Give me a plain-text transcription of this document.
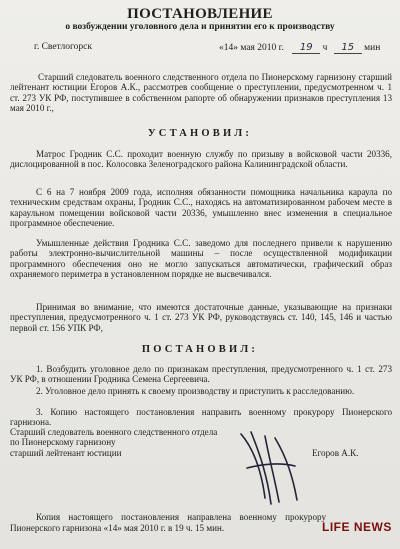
ПОСТАНОВЛЕНИЕ
о возбуждении уголовного дела и принятии его к производству
г. Светлогорск	«14» мая 2010 г. 19 ч 15 мин
Старший следователь военного следственного отдела по Пионерскому гарнизону старший лейтенант юстиции Егоров А.К., рассмотрев сообщение о преступлении, предусмотренном ч. 1 ст. 273 УК РФ, поступившее в собственном рапорте об обнаружении признаков преступления 13 мая 2010 г.,
УСТАНОВИЛ:
Матрос Гродник С.С. проходит военную службу по призыву в войсковой части 20336, дислоцированной в пос. Колосовка Зеленоградского района Калининградской области.
С 6 на 7 ноября 2009 года, исполняя обязанности помощника начальника караула по техническим средствам охраны, Гродник С.С., находясь на автоматизированном рабочем месте в караульном помещении войсковой части 20336, умышленно внес изменения в специальное программное обеспечение.
Умышленные действия Гродника С.С. заведомо для последнего привели к нарушению работы электронно-вычислительной машины – после осуществленной модификации программного обеспечения оно не могло запускаться автоматически, графический образ охраняемого периметра в установленном порядке не высвечивался.
Принимая во внимание, что имеются достаточные данные, указывающие на признаки преступления, предусмотренного ч. 1 ст. 273 УК РФ, руководствуясь ст. 140, 145, 146 и частью первой ст. 156 УПК РФ,
ПОСТАНОВИЛ:
1. Возбудить уголовное дело по признакам преступления, предусмотренного ч. 1 ст. 273 УК РФ, в отношении Гродника Семена Сергеевича.
2. Уголовное дело принять к своему производству и приступить к расследованию.
3. Копию настоящего постановления направить военному прокурору Пионерского гарнизона.
Старший следователь военного следственного отдела
по Пионерскому гарнизону
старший лейтенант юстиции	Егоров А.К.
Копия настоящего постановления направлена военному прокурору Пионерского гарнизона «14» мая 2010 г. в 19 ч. 15 мин.	LIFE NEWS
